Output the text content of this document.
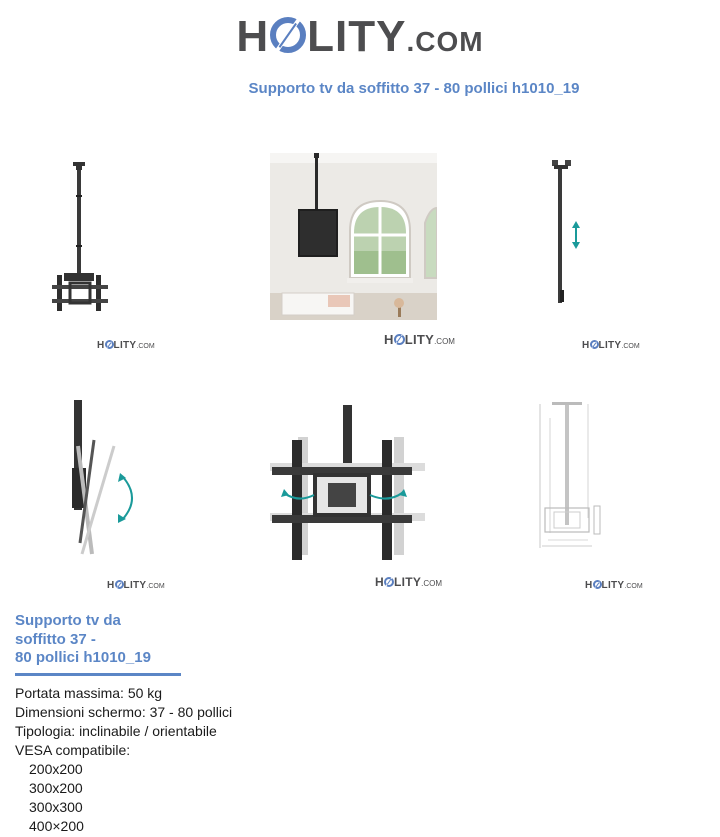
H LITY.COM
Supporto tv da soffitto 37 - 80 pollici h1010_19
H LITY.COM	H LITY.COM	H LITY.COM
H LITY.COM	H LITY.COM	H LITY.COM
Supporto tv da
soffitto 37 -
80 pollici h1010_19
Portata massima: 50 kg
Dimensioni schermo: 37 - 80 pollici
Tipologia: inclinabile / orientabile
VESA compatibile:
200x200
300x200
300x300
400×200
